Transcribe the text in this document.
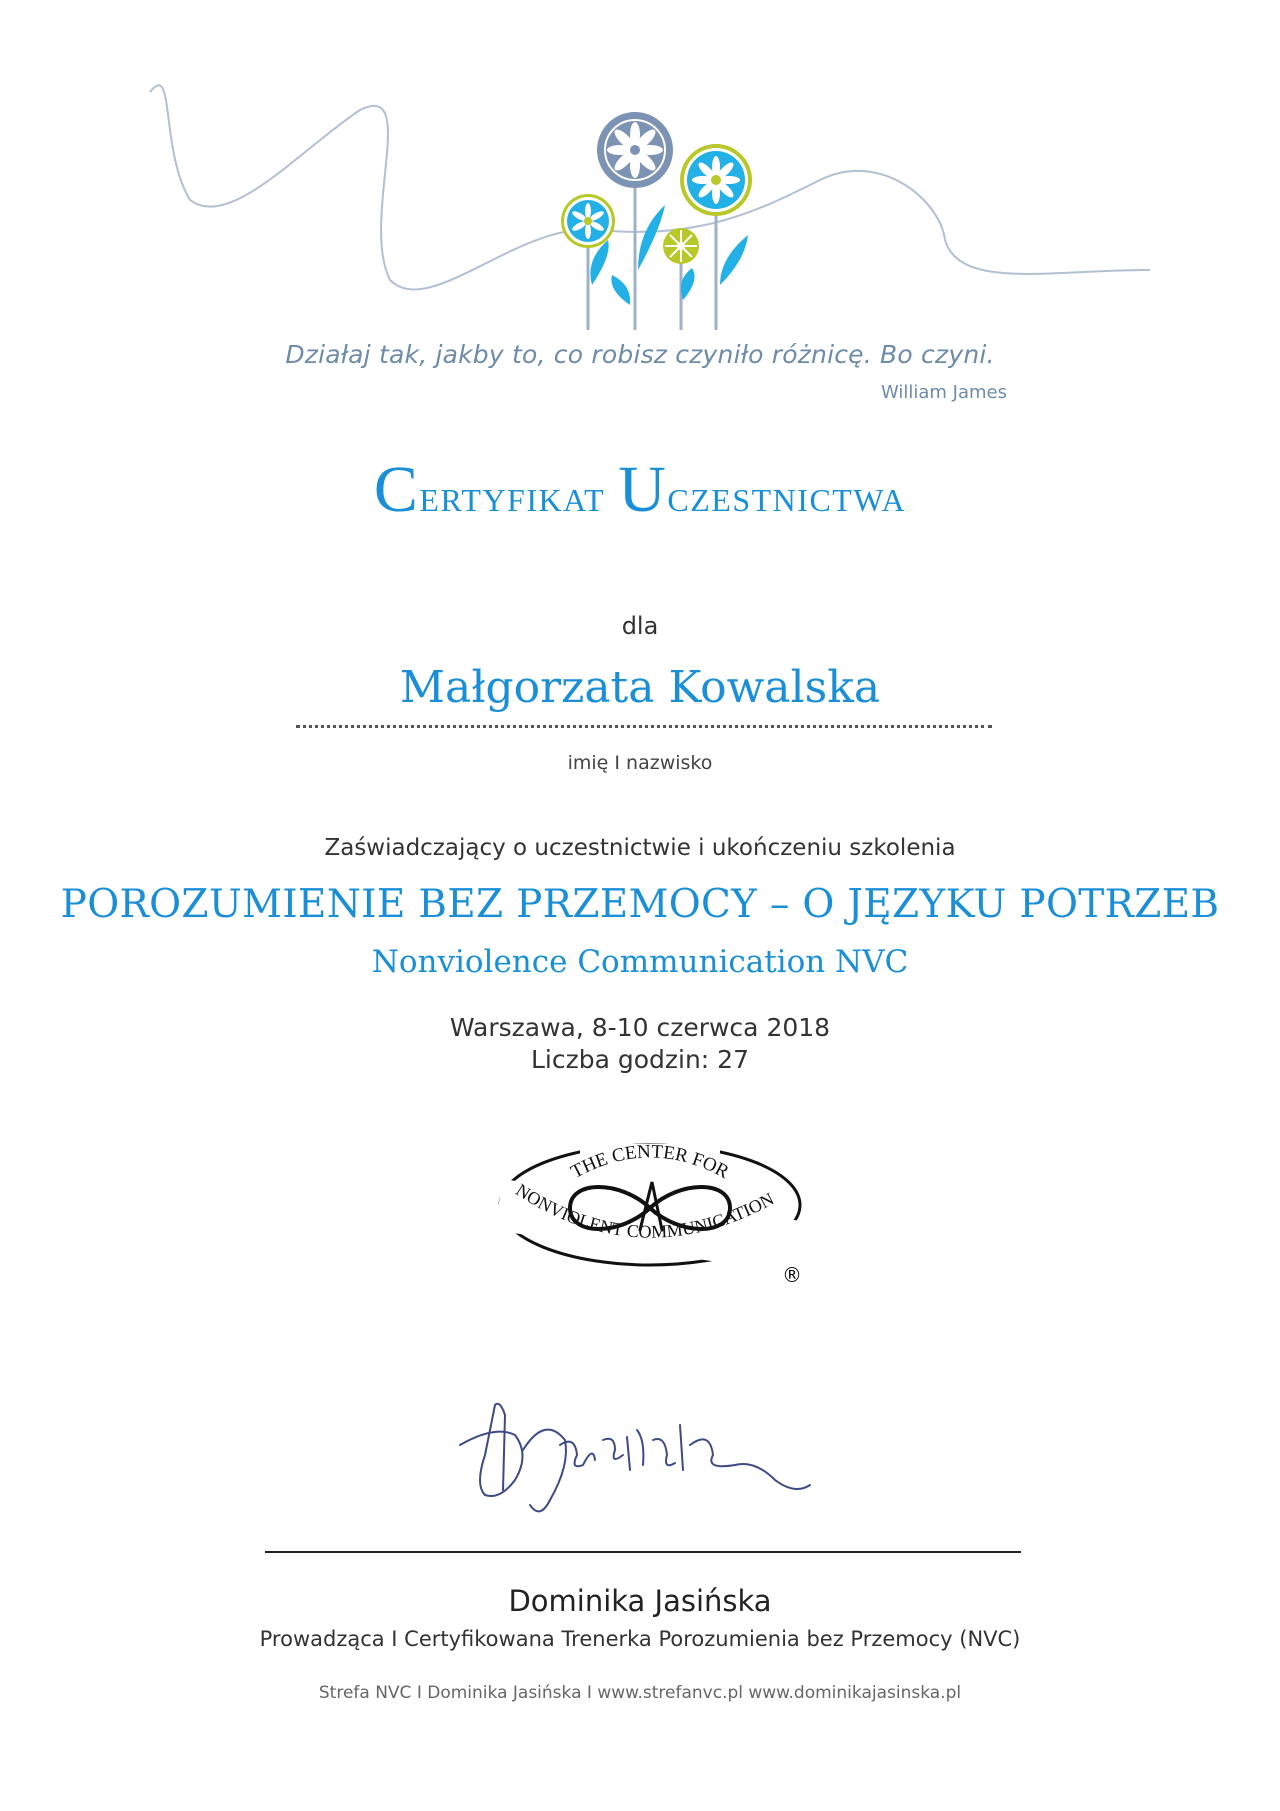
Działaj tak, jakby to, co robisz czyniło różnicę. Bo czyni.
William James
Certyfikat Uczestnictwa
dla
Małgorzata Kowalska
imię I nazwisko
Zaświadczający o uczestnictwie i ukończeniu szkolenia
POROZUMIENIE BEZ PRZEMOCY – O JĘZYKU POTRZEB
Nonviolence Communication NVC
Warszawa, 8-10 czerwca 2018
Liczba godzin: 27
THE CENTER FOR
NONVIOLENT COMMUNICATION
®
Dominika Jasińska
Prowadząca I Certyfikowana Trenerka Porozumienia bez Przemocy (NVC)
Strefa NVC I Dominika Jasińska I www.strefanvc.pl www.dominikajasinska.pl
